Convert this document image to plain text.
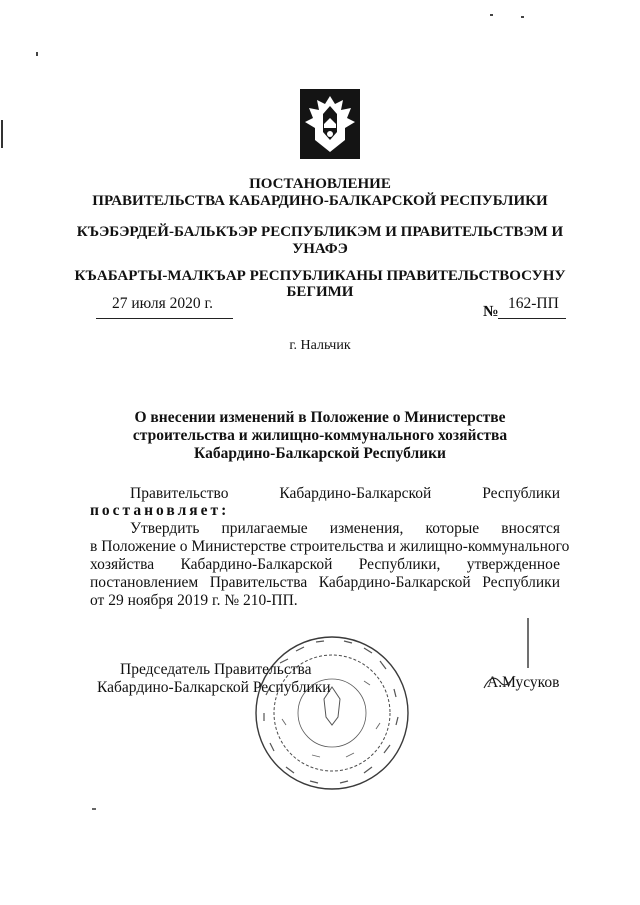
ПОСТАНОВЛЕНИЕ
ПРАВИТЕЛЬСТВА КАБАРДИНО-БАЛКАРСКОЙ РЕСПУБЛИКИ
КЪЭБЭРДЕЙ-БАЛЬКЪЭР РЕСПУБЛИКЭМ И ПРАВИТЕЛЬСТВЭМ И
УНАФЭ
КЪАБАРТЫ-МАЛКЪАР РЕСПУБЛИКАНЫ ПРАВИТЕЛЬСТВОСУНУ
БЕГИМИ
27 июля 2020 г.	№ 162-ПП
г. Нальчик
О внесении изменений в Положение о Министерстве
строительства и жилищно-коммунального хозяйства
Кабардино-Балкарской Республики
Правительство	Кабардино-Балкарской	Республики
постановляет:
Утвердить прилагаемые изменения, которые вносятся
в Положение о Министерстве строительства и жилищно-коммунального
хозяйства Кабардино-Балкарской Республики, утвержденное
постановлением Правительства Кабардино-Балкарской Республики
от 29 ноября 2019 г. № 210-ПП.
Председатель Правительства
Кабардино-Балкарской Республики	А.Мусуков
